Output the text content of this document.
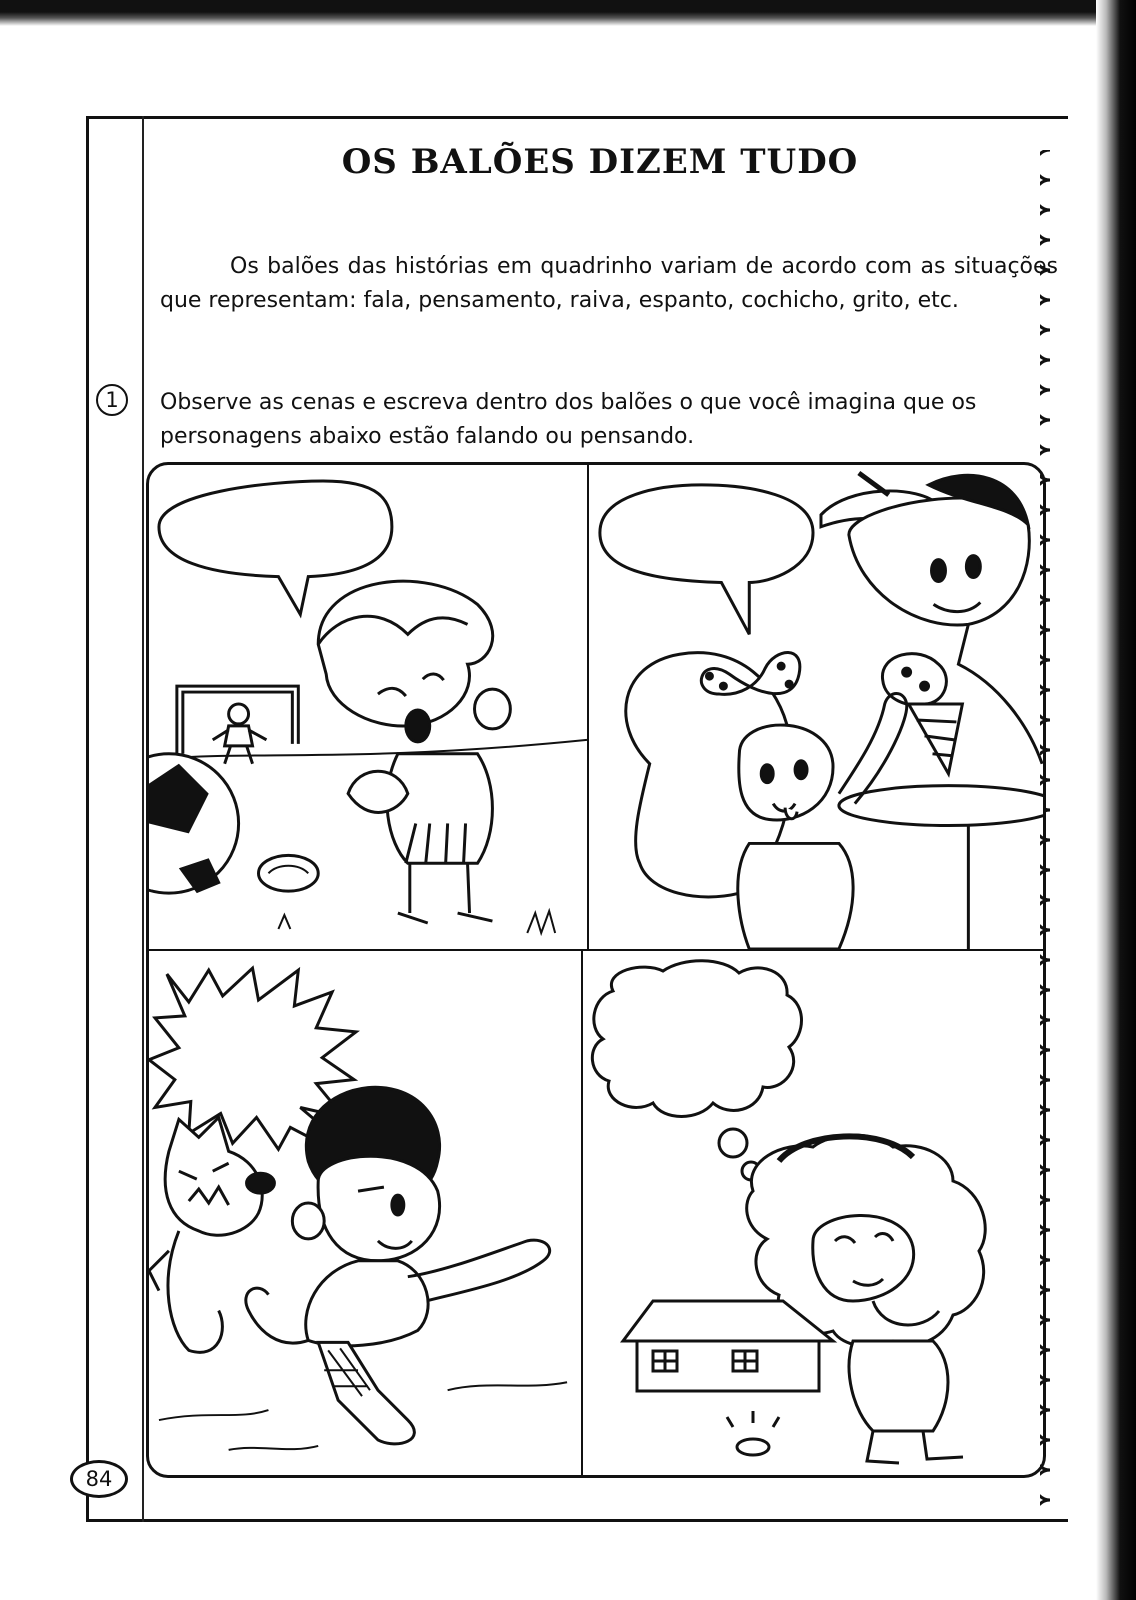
OS BALÕES DIZEM TUDO
Os balões das histórias em quadrinho variam de acordo com as situações que representam: fala, pensamento, raiva, espanto, cochicho, grito, etc.
1	Observe as cenas e escreva dentro dos balões o que você imagina que os personagens abaixo estão falando ou pensando.
84
